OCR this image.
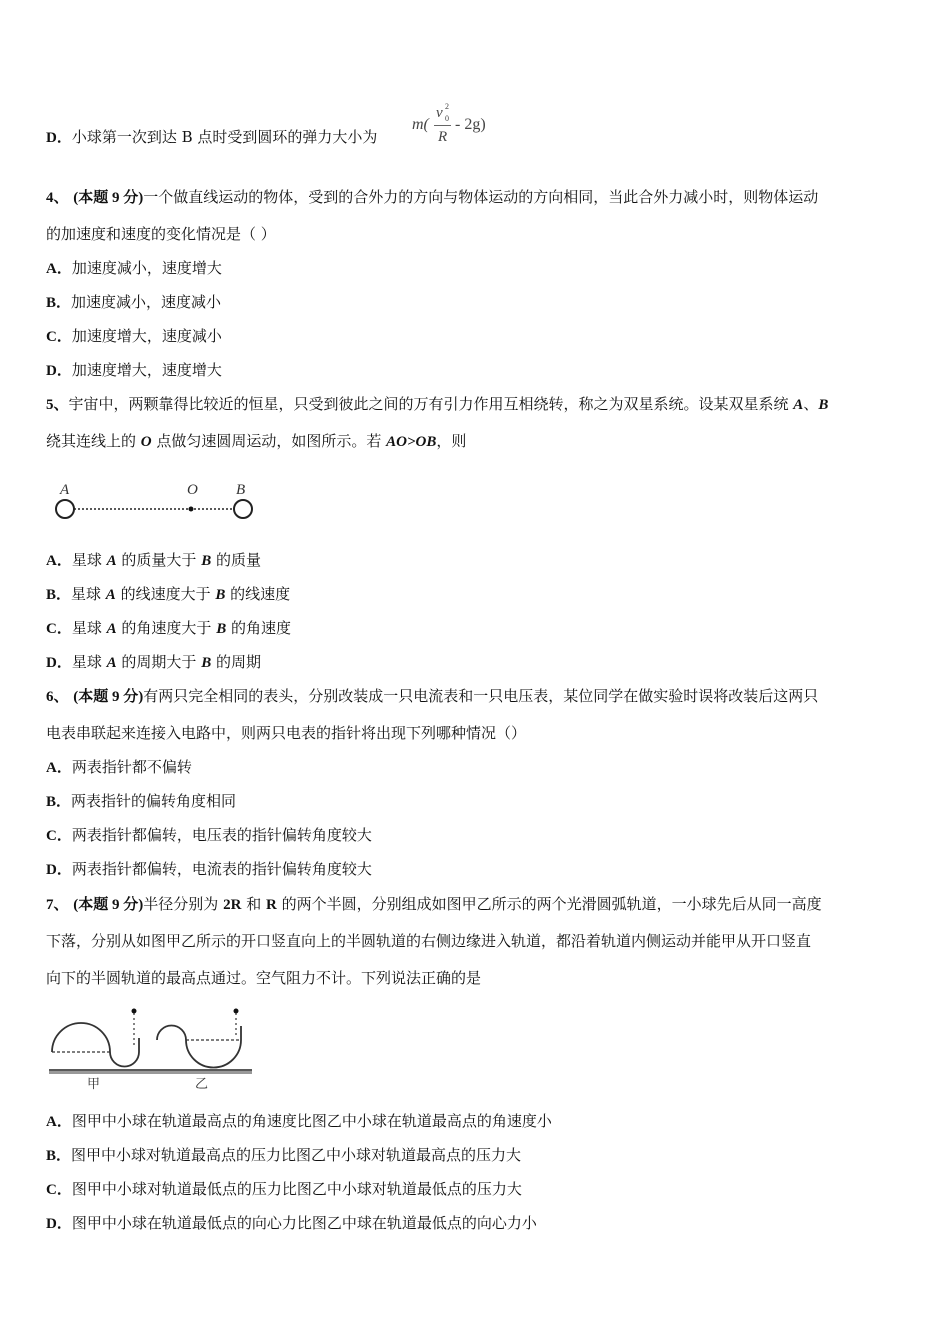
D．小球第一次到达 B 点时受到圆环的弹力大小为
m(
v 2
0
R
- 2g)
4、 (本题 9 分)一个做直线运动的物体，受到的合外力的方向与物体运动的方向相同，当此合外力减小时，则物体运动
的加速度和速度的变化情况是（ ）
A．加速度减小，速度增大
B．加速度减小，速度减小
C．加速度增大，速度减小
D．加速度增大，速度增大
5、宇宙中，两颗靠得比较近的恒星，只受到彼此之间的万有引力作用互相绕转，称之为双星系统。设某双星系统 A、B
绕其连线上的 O 点做匀速圆周运动，如图所示。若 AO>OB，则
A	O	B
A．星球 A 的质量大于 B 的质量
B．星球 A 的线速度大于 B 的线速度
C．星球 A 的角速度大于 B 的角速度
D．星球 A 的周期大于 B 的周期
6、 (本题 9 分)有两只完全相同的表头，分别改装成一只电流表和一只电压表，某位同学在做实验时误将改装后这两只
电表串联起来连接入电路中，则两只电表的指针将出现下列哪种情况（）
A．两表指针都不偏转
B．两表指针的偏转角度相同
C．两表指针都偏转，电压表的指针偏转角度较大
D．两表指针都偏转，电流表的指针偏转角度较大
7、 (本题 9 分)半径分别为 2R 和 R 的两个半圆，分别组成如图甲乙所示的两个光滑圆弧轨道，一小球先后从同一高度
下落，分别从如图甲乙所示的开口竖直向上的半圆轨道的右侧边缘进入轨道，都沿着轨道内侧运动并能甲从开口竖直
向下的半圆轨道的最高点通过。空气阻力不计。下列说法正确的是
甲	乙
A．图甲中小球在轨道最高点的角速度比图乙中小球在轨道最高点的角速度小
B．图甲中小球对轨道最高点的压力比图乙中小球对轨道最高点的压力大
C．图甲中小球对轨道最低点的压力比图乙中小球对轨道最低点的压力大
D．图甲中小球在轨道最低点的向心力比图乙中球在轨道最低点的向心力小
